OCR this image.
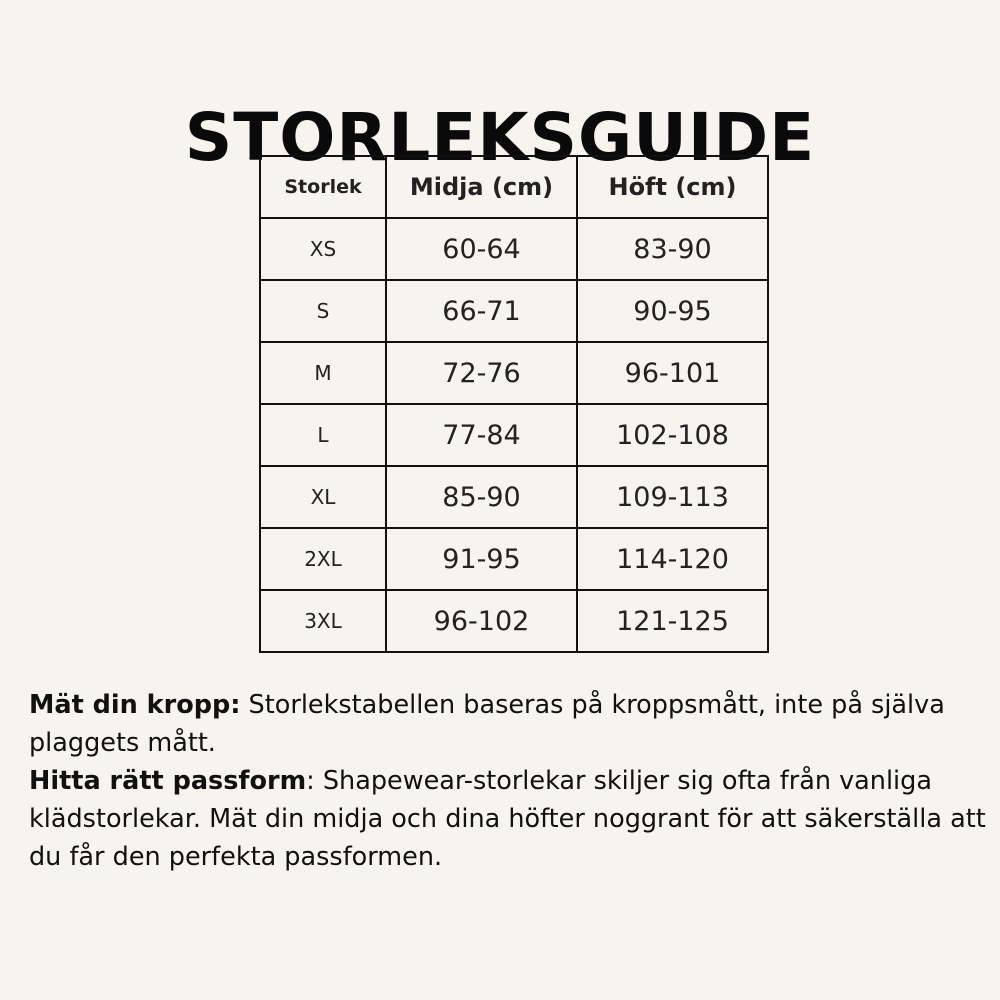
STORLEKSGUIDE
Storlek	Midja (cm)	Höft (cm)
XS	60-64	83-90
S	66-71	90-95
M	72-76	96-101
L	77-84	102-108
XL	85-90	109-113
2XL	91-95	114-120
3XL	96-102	121-125

Mät din kropp: Storlekstabellen baseras på kroppsmått, inte på själva plaggets mått.

Hitta rätt passform: Shapewear-storlekar skiljer sig ofta från vanliga klädstorlekar. Mät din midja och dina höfter noggrant för att säkerställa att du får den perfekta passformen.
